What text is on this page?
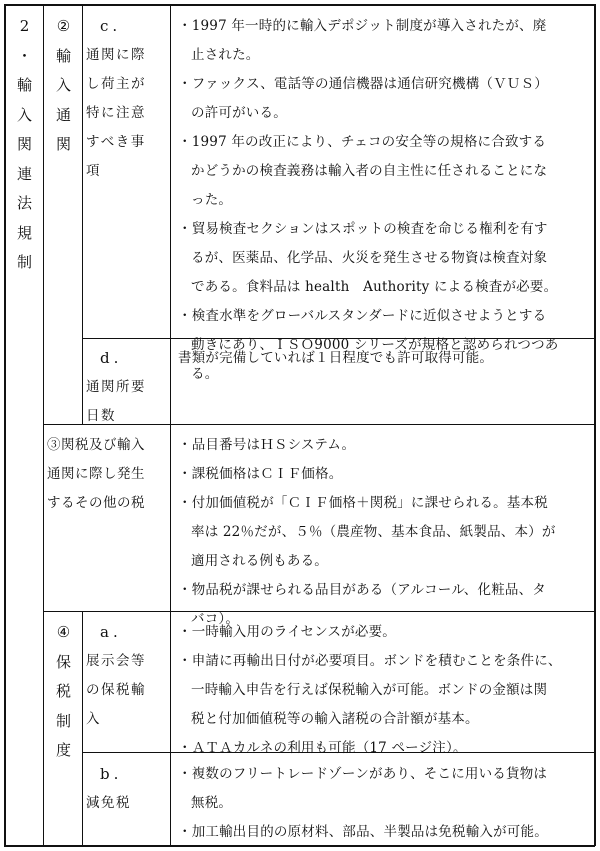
2
・
輸
入
関
連
法
規
制
②
輸
入
通
関
c.
通関に際
し荷主が
特に注意
すべき事
項
・ 1997 年一時的に輸入デポジット制度が導入されたが、廃
止された。
・ ファックス、電話等の通信機器は通信研究機構（ＶＵＳ）
の許可がいる。
・ 1997 年の改正により、チェコの安全等の規格に合致する
かどうかの検査義務は輸入者の自主性に任されることにな
った。
・ 貿易検査セクションはスポットの検査を命じる権利を有す
るが、医薬品、化学品、火災を発生させる物資は検査対象
である。食料品は health　Authority による検査が必要。
・ 検査水準をグローバルスタンダードに近似させようとする
動きにあり、ＩＳＯ9000 シリーズが規格と認められつつあ
る。
d.
通関所要
日数
書類が完備していれば１日程度でも許可取得可能。
③関税及び輸入
通関に際し発生
するその他の税
・ 品目番号はＨＳシステム。
・ 課税価格はＣＩＦ価格。
・ 付加価値税が「ＣＩＦ価格＋関税」に課せられる。基本税
率は 22％だが、５％（農産物、基本食品、紙製品、本）が
適用される例もある。
・ 物品税が課せられる品目がある（アルコール、化粧品、タ
バコ）。
④
保
税
制
度
a.
展示会等
の保税輸
入
・ 一時輸入用のライセンスが必要。
・ 申請に再輸出日付が必要項目。ボンドを積むことを条件に、
一時輸入申告を行えば保税輸入が可能。ボンドの金額は関
税と付加価値税等の輸入諸税の合計額が基本。
・ ＡＴＡカルネの利用も可能（17 ページ注）。
b.
減免税
・ 複数のフリートレードゾーンがあり、そこに用いる貨物は
無税。
・ 加工輸出目的の原材料、部品、半製品は免税輸入が可能。
